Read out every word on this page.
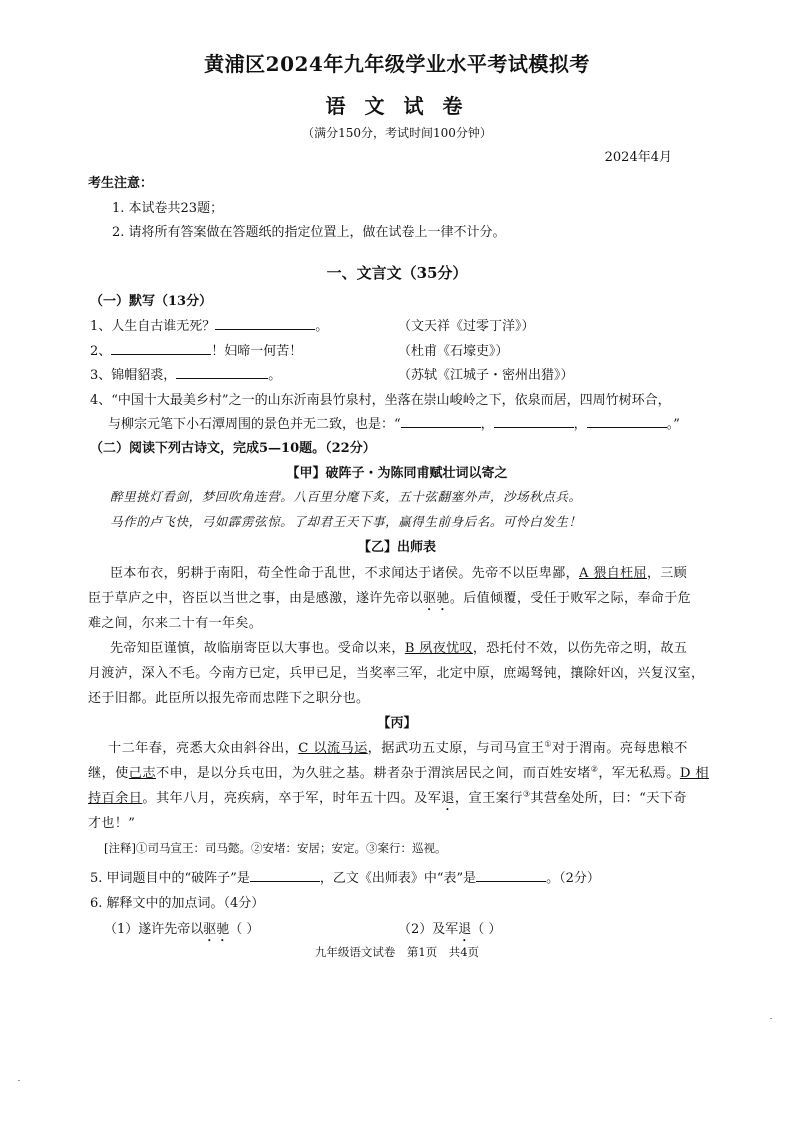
黄浦区2024年九年级学业水平考试模拟考
语 文 试 卷
（满分150分，考试时间100分钟）
2024年4月
考生注意：
1. 本试卷共23题；
2. 请将所有答案做在答题纸的指定位置上，做在试卷上一律不计分。
一、文言文（35分）
（一）默写（13分）
1、人生自古谁无死？	。	（文天祥《过零丁洋》）
2、	！妇啼一何苦！	（杜甫《石壕吏》）
3、锦帽貂裘，	。	（苏轼《江城子・密州出猎》）
4、“中国十大最美乡村”之一的山东沂南县竹泉村，坐落在崇山峻岭之下，依泉而居，四周竹树环合，
与柳宗元笔下小石潭周围的景色并无二致，也是：“	，	，	。”
（二）阅读下列古诗文，完成5—10题。（22分）
【甲】破阵子・为陈同甫赋壮词以寄之
醉里挑灯看剑，梦回吹角连营。八百里分麾下炙，五十弦翻塞外声，沙场秋点兵。
马作的卢飞快，弓如霹雳弦惊。了却君王天下事，赢得生前身后名。可怜白发生！
【乙】出师表
臣本布衣，躬耕于南阳，苟全性命于乱世，不求闻达于诸侯。先帝不以臣卑鄙，A 猥自枉屈，三顾
臣于草庐之中，咨臣以当世之事，由是感激，遂许先帝以驱驰。后值倾覆，受任于败军之际，奉命于危
难之间，尔来二十有一年矣。
先帝知臣谨慎，故临崩寄臣以大事也。受命以来，B 夙夜忧叹，恐托付不效，以伤先帝之明，故五
月渡泸，深入不毛。今南方已定，兵甲已足，当奖率三军，北定中原，庶竭驽钝，攘除奸凶，兴复汉室，
还于旧都。此臣所以报先帝而忠陛下之职分也。
【丙】
十二年春，亮悉大众由斜谷出，C 以流马运，据武功五丈原，与司马宣王①对于渭南。亮每患粮不
继，使己志不申，是以分兵屯田，为久驻之基。耕者杂于渭滨居民之间，而百姓安堵②，军无私焉。D 相
持百余日。其年八月，亮疾病，卒于军，时年五十四。及军退，宣王案行③其营垒处所，曰：“天下奇
才也！”
[注释]①司马宣王：司马懿。②安堵：安居；安定。③案行：巡视。
5. 甲词题目中的“破阵子”是	，乙文《出师表》中“表”是	。（2分）
6. 解释文中的加点词。（4分）
（1）遂许先帝以驱驰（ ）	（2）及军退（ ）
九年级语文试卷　第1页　共4页
